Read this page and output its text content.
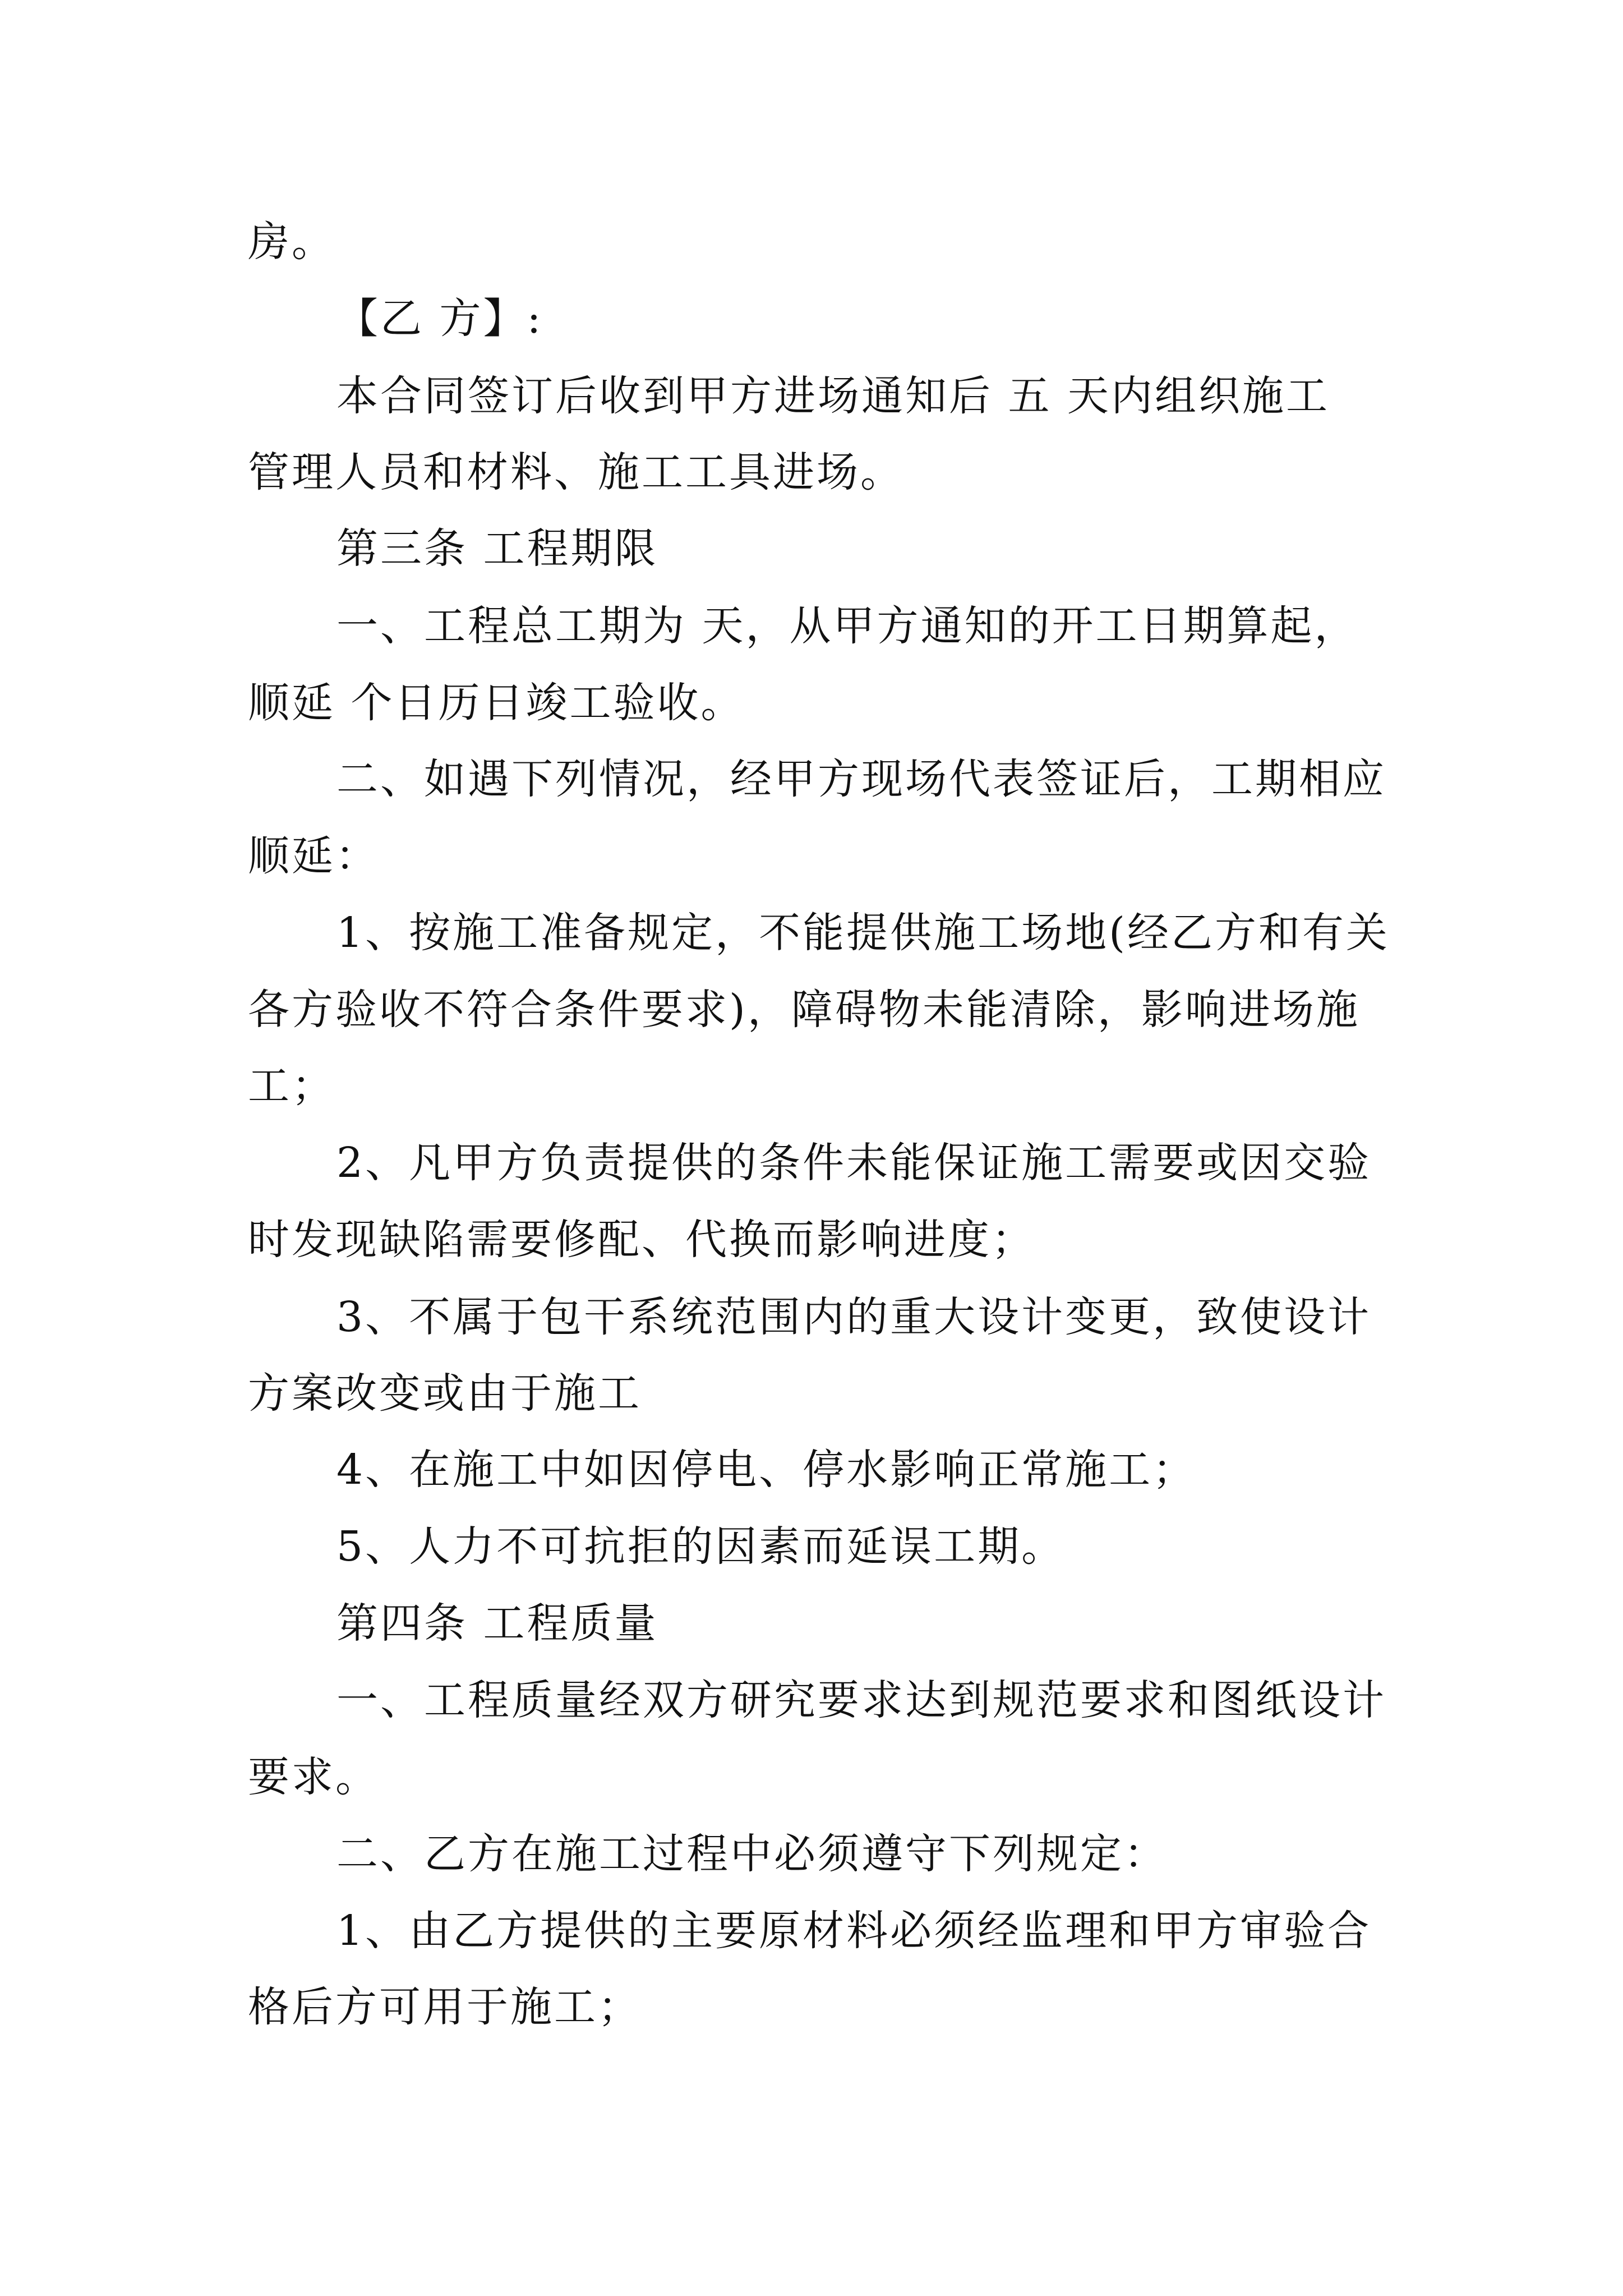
房。
【乙 方】:
本合同签订后收到甲方进场通知后 五 天内组织施工
管理人员和材料、施工工具进场。
第三条 工程期限
一、工程总工期为 天，从甲方通知的开工日期算起，
顺延 个日历日竣工验收。
二、如遇下列情况，经甲方现场代表签证后，工期相应
顺延：
1、按施工准备规定，不能提供施工场地(经乙方和有关
各方验收不符合条件要求)，障碍物未能清除，影响进场施
工；
2、凡甲方负责提供的条件未能保证施工需要或因交验
时发现缺陷需要修配、代换而影响进度；
3、不属于包干系统范围内的重大设计变更，致使设计
方案改变或由于施工
4、在施工中如因停电、停水影响正常施工；
5、人力不可抗拒的因素而延误工期。
第四条 工程质量
一、工程质量经双方研究要求达到规范要求和图纸设计
要求。
二、乙方在施工过程中必须遵守下列规定：
1、由乙方提供的主要原材料必须经监理和甲方审验合
格后方可用于施工；
